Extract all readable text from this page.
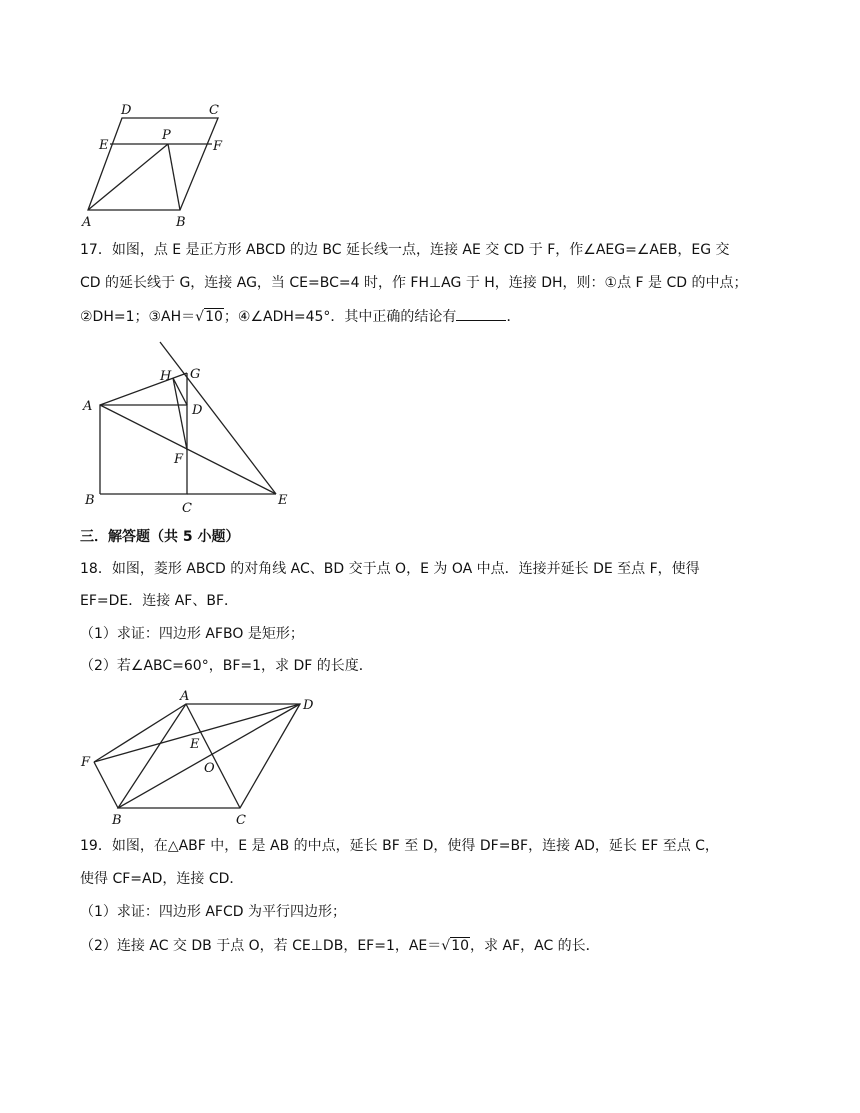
D	C
E
P
F
A	B
17．如图，点 E 是正方形 ABCD 的边 BC 延长线一点，连接 AE 交 CD 于 F，作∠AEG=∠AEB，EG 交
CD 的延长线于 G，连接 AG，当 CE=BC=4 时，作 FH⊥AG 于 H，连接 DH，则：①点 F 是 CD 的中点；
②DH=1；③AH＝√10；④∠ADH=45°．其中正确的结论有	．
H G
A	D
F
B
C
E
三．解答题（共 5 小题）
18．如图，菱形 ABCD 的对角线 AC、BD 交于点 O，E 为 OA 中点．连接并延长 DE 至点 F，使得
EF=DE．连接 AF、BF．
（1）求证：四边形 AFBO 是矩形；
（2）若∠ABC=60°，BF=1，求 DF 的长度．
A
D
E
F	O
B	C
19．如图，在△ABF 中，E 是 AB 的中点，延长 BF 至 D，使得 DF=BF，连接 AD，延长 EF 至点 C，
使得 CF=AD，连接 CD．
（1）求证：四边形 AFCD 为平行四边形；
（2）连接 AC 交 DB 于点 O，若 CE⊥DB，EF=1，AE＝√10，求 AF，AC 的长．
